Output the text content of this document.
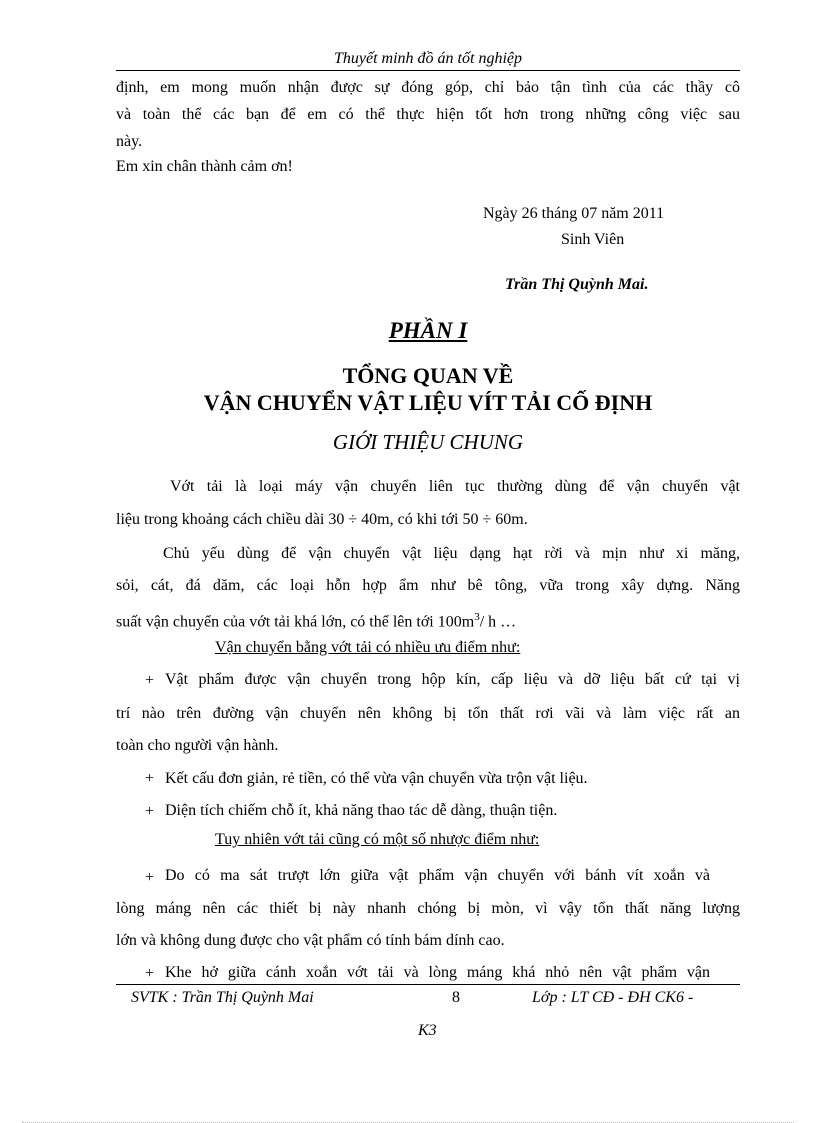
Thuyết minh đồ án tốt nghiệp
định, em mong muốn nhận được sự đóng góp, chỉ bảo tận tình của các thầy cô
và toàn thể các bạn để em có thể thực hiện tốt hơn trong những công việc sau
này.
Em xin chân thành cảm ơn!
Ngày 26 tháng 07 năm 2011
Sinh Viên
Trần Thị Quỳnh Mai.
PHẦN I
TỔNG QUAN VỀ
VẬN CHUYỂN VẬT LIỆU VÍT TẢI CỐ ĐỊNH
GIỚI THIỆU CHUNG
Vớt tải là loại máy vận chuyển liên tục thường dùng để vận chuyển vật
liệu trong khoảng cách chiều dài 30 ÷ 40m, có khi tới 50 ÷ 60m.
Chủ yếu dùng để vận chuyển vật liệu dạng hạt rời và mịn như xi măng,
sỏi, cát, đá dăm, các loại hỗn hợp ẩm như bê tông, vữa trong xây dựng. Năng
suất vận chuyển của vớt tải khá lớn, có thể lên tới $100m^3/$ h …
Vận chuyển bằng vớt tải có nhiều ưu điểm như:
+ Vật phẩm được vận chuyển trong hộp kín, cấp liệu và dỡ liệu bất cứ tại vị
trí nào trên đường vận chuyển nên không bị tổn thất rơi vãi và làm việc rất an
toàn cho người vận hành.
+ Kết cấu đơn giản, rẻ tiền, có thể vừa vận chuyển vừa trộn vật liệu.
+ Diện tích chiếm chỗ ít, khả năng thao tác dễ dàng, thuận tiện.
Tuy nhiên vớt tải cũng có một số nhược điểm như:
+ Do có ma sát trượt lớn giữa vật phẩm vận chuyển với bánh vít xoắn và
lòng máng nên các thiết bị này nhanh chóng bị mòn, vì vậy tổn thất năng lượng
lớn và không dung được cho vật phẩm có tính bám dính cao.
+ Khe hở giữa cánh xoắn vớt tải và lòng máng khá nhỏ nên vật phẩm vận
SVTK : Trần Thị Quỳnh Mai	8	Lớp : LT CĐ - ĐH CK6 -
K3
